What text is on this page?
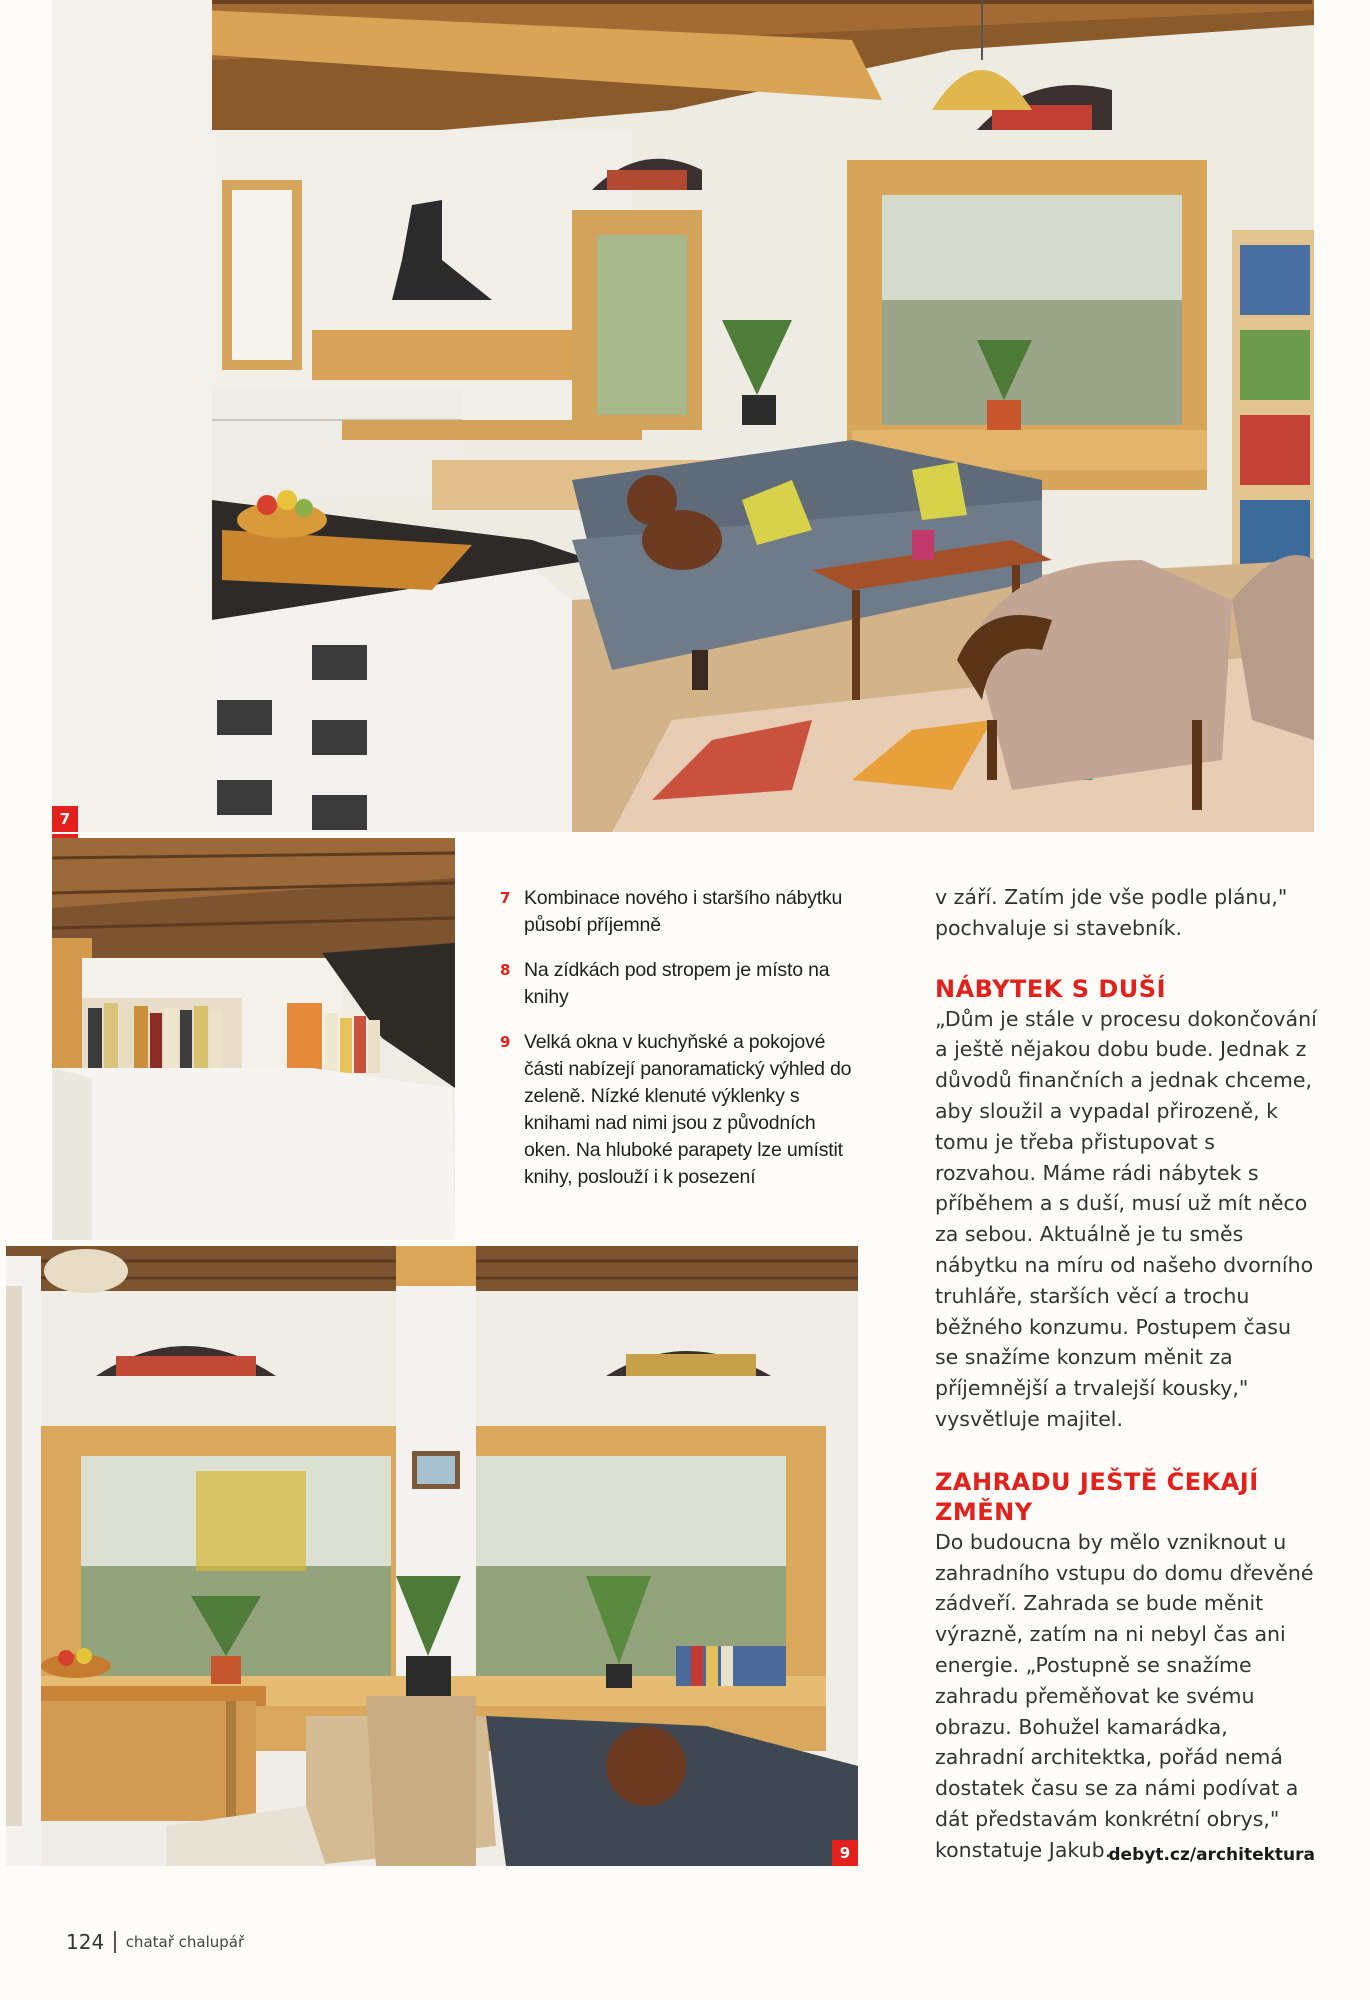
7
7 Kombinace nového i staršího nábytku působí příjemně
8 Na zídkách pod stropem je místo na knihy
9 Velká okna v kuchyňské a pokojové části nabízejí panoramatický výhled do zeleně. Nízké klenuté výklenky s knihami nad nimi jsou z původních oken. Na hluboké parapety lze umístit knihy, poslouží i k posezení

v září. Zatím jde vše podle plánu," pochvaluje si stavebník.

NÁBYTEK S DUŠÍ

„Dům je stále v procesu dokončování a ještě nějakou dobu bude. Jednak z důvodů finančních a jednak chceme, aby sloužil a vypadal přirozeně, k tomu je třeba přistupovat s rozvahou. Máme rádi nábytek s příběhem a s duší, musí už mít něco za sebou. Aktuálně je tu směs nábytku na míru od našeho dvorního truhláře, starších věcí a trochu běžného konzumu. Postupem času se snažíme konzum měnit za příjemnější a trvalejší kousky," vysvětluje majitel.

ZAHRADU JEŠTĚ ČEKAJÍ ZMĚNY

Do budoucna by mělo vzniknout u zahradního vstupu do domu dřevěné zádveří. Zahrada se bude měnit výrazně, zatím na ni nebyl čas ani energie. „Postupně se snažíme zahradu přeměňovat ke svému obrazu. Bohužel kamarádka, zahradní architektka, pořád nemá dostatek času se za námi podívat a dát představám konkrétní obrys," konstatuje Jakub.

9	debyt.cz/architektura
124 chatař chalupář
